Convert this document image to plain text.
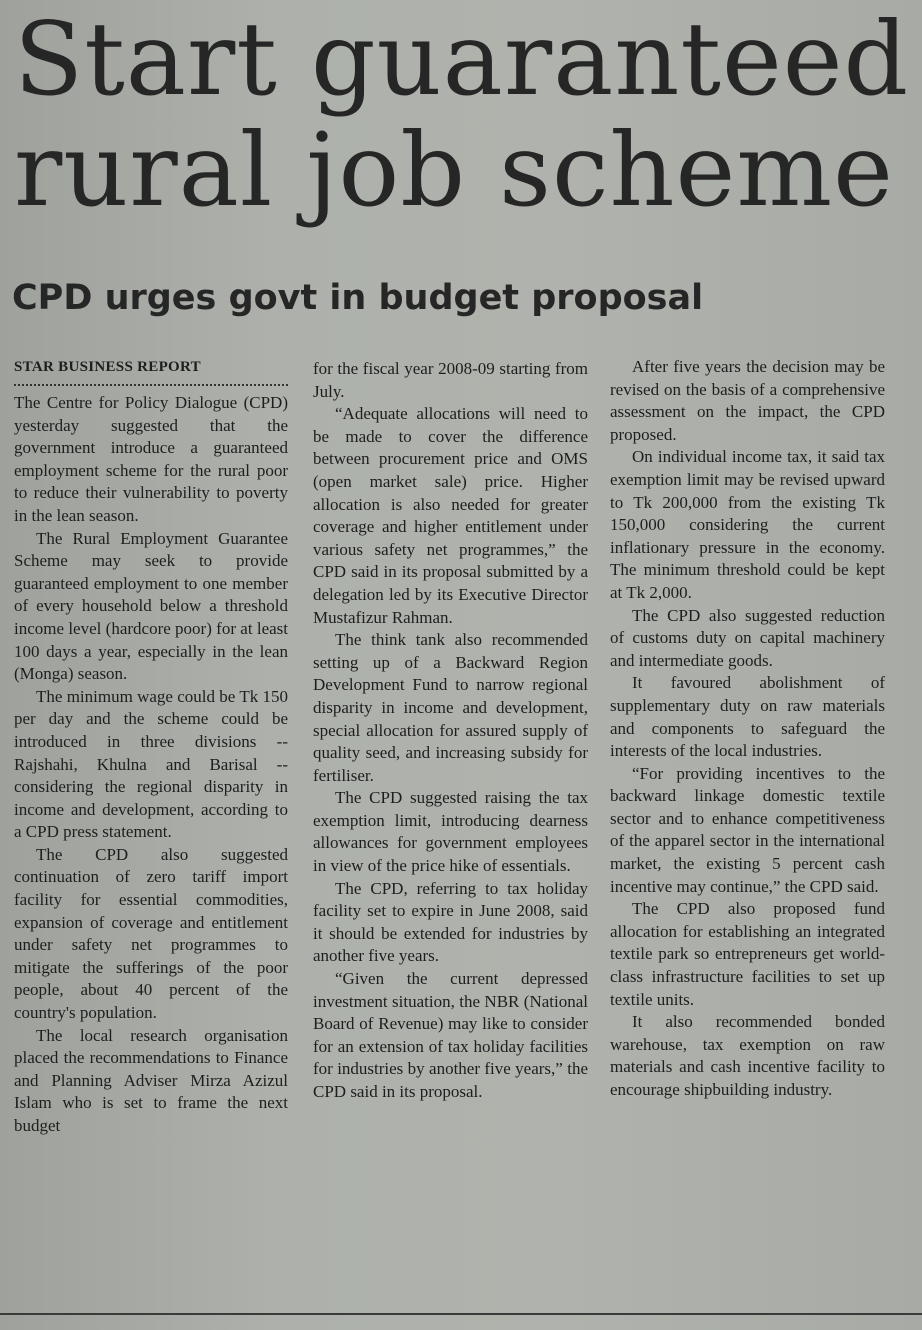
Start guaranteed
rural job scheme
CPD urges govt in budget proposal
STAR BUSINESS REPORT

The Centre for Policy Dialogue (CPD) yesterday suggested that the government introduce a guaranteed employment scheme for the rural poor to reduce their vulnerability to poverty in the lean season.

The Rural Employment Guarantee Scheme may seek to provide guaranteed employment to one member of every household below a threshold income level (hardcore poor) for at least 100 days a year, especially in the lean (Monga) season.

The minimum wage could be Tk 150 per day and the scheme could be introduced in three divisions -- Rajshahi, Khulna and Barisal -- considering the regional disparity in income and development, according to a CPD press statement.

The CPD also suggested continuation of zero tariff import facility for essential commodities, expansion of coverage and entitlement under safety net programmes to mitigate the sufferings of the poor people, about 40 percent of the country's population.

The local research organisation placed the recommendations to Finance and Planning Adviser Mirza Azizul Islam who is set to frame the next budget

for the fiscal year 2008-09 starting from July.

“Adequate allocations will need to be made to cover the difference between procurement price and OMS (open market sale) price. Higher allocation is also needed for greater coverage and higher entitlement under various safety net programmes,” the CPD said in its proposal submitted by a delegation led by its Executive Director Mustafizur Rahman.

The think tank also recommended setting up of a Backward Region Development Fund to narrow regional disparity in income and development, special allocation for assured supply of quality seed, and increasing subsidy for fertiliser.

The CPD suggested raising the tax exemption limit, introducing dearness allowances for government employees in view of the price hike of essentials.

The CPD, referring to tax holiday facility set to expire in June 2008, said it should be extended for industries by another five years.

“Given the current depressed investment situation, the NBR (National Board of Revenue) may like to consider for an extension of tax holiday facilities for industries by another five years,” the CPD said in its proposal.

After five years the decision may be revised on the basis of a comprehensive assessment on the impact, the CPD proposed.

On individual income tax, it said tax exemption limit may be revised upward to Tk 200,000 from the existing Tk 150,000 considering the current inflationary pressure in the economy. The minimum threshold could be kept at Tk 2,000.

The CPD also suggested reduction of customs duty on capital machinery and intermediate goods.

It favoured abolishment of supplementary duty on raw materials and components to safeguard the interests of the local industries.

“For providing incentives to the backward linkage domestic textile sector and to enhance competitiveness of the apparel sector in the international market, the existing 5 percent cash incentive may continue,” the CPD said.

The CPD also proposed fund allocation for establishing an integrated textile park so entrepreneurs get world-class infrastructure facilities to set up textile units.

It also recommended bonded warehouse, tax exemption on raw materials and cash incentive facility to encourage shipbuilding industry.
